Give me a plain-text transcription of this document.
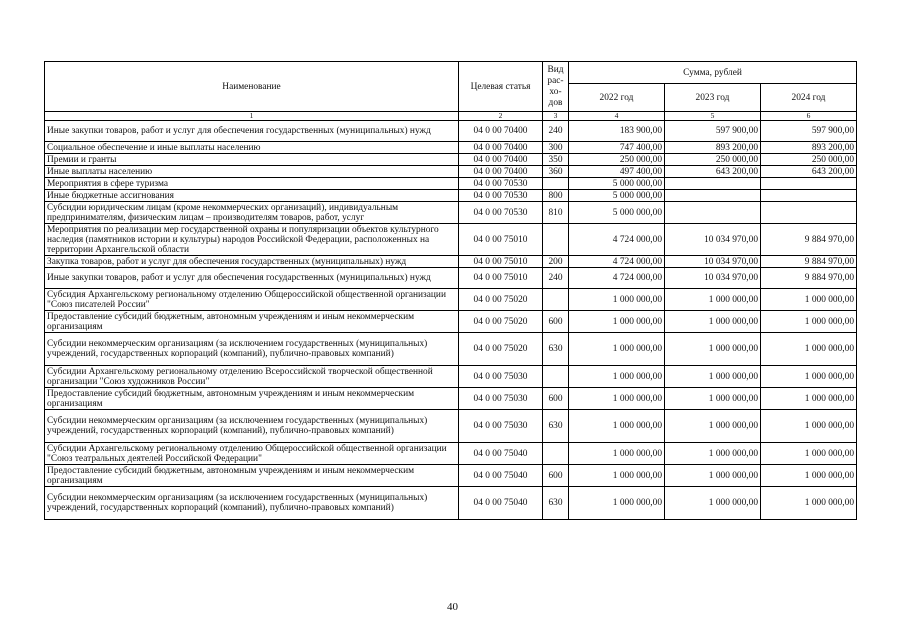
Наименование	Целевая статья	Вид рас- хо- дов	Сумма, рублей		
			2022 год	2023 год	2024 год
1	2	3	4	5	6
Иные закупки товаров, работ и услуг для обеспечения государственных (муниципальных) нужд	04 0 00 70400	240	183 900,00	597 900,00	597 900,00
Социальное обеспечение и иные выплаты населению	04 0 00 70400	300	747 400,00	893 200,00	893 200,00
Премии и гранты	04 0 00 70400	350	250 000,00	250 000,00	250 000,00
Иные выплаты населению	04 0 00 70400	360	497 400,00	643 200,00	643 200,00
Мероприятия в сфере туризма	04 0 00 70530		5 000 000,00		
Иные бюджетные ассигнования	04 0 00 70530	800	5 000 000,00		
Субсидии юридическим лицам (кроме некоммерческих организаций), индивидуальным предпринимателям, физическим лицам – производителям товаров, работ, услуг	04 0 00 70530	810	5 000 000,00		
Мероприятия по реализации мер государственной охраны и популяризации объектов культурного наследия (памятников истории и культуры) народов Российской Федерации, расположенных на территории Архангельской области	04 0 00 75010		4 724 000,00	10 034 970,00	9 884 970,00
Закупка товаров, работ и услуг для обеспечения государственных (муниципальных) нужд	04 0 00 75010	200	4 724 000,00	10 034 970,00	9 884 970,00
Иные закупки товаров, работ и услуг для обеспечения государственных (муниципальных) нужд	04 0 00 75010	240	4 724 000,00	10 034 970,00	9 884 970,00
Субсидия Архангельскому региональному отделению Общероссийской общественной организации "Союз писателей России"	04 0 00 75020		1 000 000,00	1 000 000,00	1 000 000,00
Предоставление субсидий бюджетным, автономным учреждениям и иным некоммерческим организациям	04 0 00 75020	600	1 000 000,00	1 000 000,00	1 000 000,00
Субсидии некоммерческим организациям (за исключением государственных (муниципальных) учреждений, государственных корпораций (компаний), публично-правовых компаний)	04 0 00 75020	630	1 000 000,00	1 000 000,00	1 000 000,00
Субсидии Архангельскому региональному отделению Всероссийской творческой общественной организации "Союз художников России"	04 0 00 75030		1 000 000,00	1 000 000,00	1 000 000,00
Предоставление субсидий бюджетным, автономным учреждениям и иным некоммерческим организациям	04 0 00 75030	600	1 000 000,00	1 000 000,00	1 000 000,00
Субсидии некоммерческим организациям (за исключением государственных (муниципальных) учреждений, государственных корпораций (компаний), публично-правовых компаний)	04 0 00 75030	630	1 000 000,00	1 000 000,00	1 000 000,00
Субсидии Архангельскому региональному отделению Общероссийской общественной организации "Союз театральных деятелей Российской Федерации"	04 0 00 75040		1 000 000,00	1 000 000,00	1 000 000,00
Предоставление субсидий бюджетным, автономным учреждениям и иным некоммерческим организациям	04 0 00 75040	600	1 000 000,00	1 000 000,00	1 000 000,00
Субсидии некоммерческим организациям (за исключением государственных (муниципальных) учреждений, государственных корпораций (компаний), публично-правовых компаний)	04 0 00 75040	630	1 000 000,00	1 000 000,00	1 000 000,00
40
